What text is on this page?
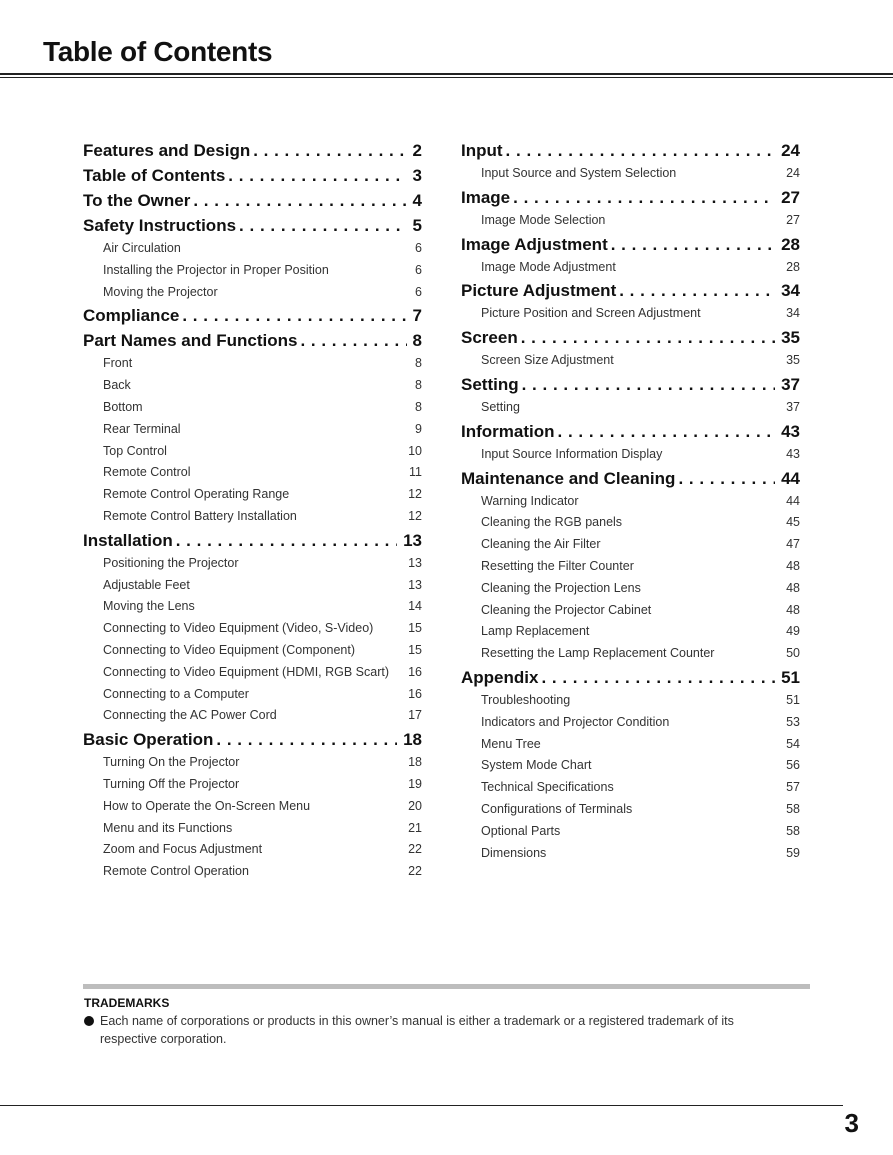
Table of Contents
Features and Design . . .	2
Table of Contents . . .	3
To the Owner . . .	4
Safety Instructions . . .	5
Air Circulation	6
Installing the Projector in Proper Position	6
Moving the Projector	6
Compliance . . .	7
Part Names and Functions . . .	8
Front	8
Back	8
Bottom	8
Rear Terminal	9
Top Control	10
Remote Control	11
Remote Control Operating Range	12
Remote Control Battery Installation	12
Installation . . .	13
Positioning the Projector	13
Adjustable Feet	13
Moving the Lens	14
Connecting to Video Equipment (Video, S-Video)	15
Connecting to Video Equipment (Component)	15
Connecting to Video Equipment (HDMI, RGB Scart)	16
Connecting to a Computer	16
Connecting the AC Power Cord	17
Basic Operation . . .	18
Turning On the Projector	18
Turning Off the Projector	19
How to Operate the On-Screen Menu	20
Menu and its Functions	21
Zoom and Focus Adjustment	22
Remote Control Operation	22
Input . . .	24
Input Source and System Selection	24
Image . . .	27
Image Mode Selection	27
Image Adjustment . . .	28
Image Mode Adjustment	28
Picture Adjustment . . .	34
Picture Position and Screen Adjustment	34
Screen . . .	35
Screen Size Adjustment	35
Setting . . .	37
Setting	37
Information . . .	43
Input Source Information Display	43
Maintenance and Cleaning . . .	44
Warning Indicator	44
Cleaning the RGB panels	45
Cleaning the Air Filter	47
Resetting the Filter Counter	48
Cleaning the Projection Lens	48
Cleaning the Projector Cabinet	48
Lamp Replacement	49
Resetting the Lamp Replacement Counter	50
Appendix . . .	51
Troubleshooting	51
Indicators and Projector Condition	53
Menu Tree	54
System Mode Chart	56
Technical Specifications	57
Configurations of Terminals	58
Optional Parts	58
Dimensions	59
TRADEMARKS
Each name of corporations or products in this owner’s manual is either a trademark or a registered trademark of its respective corporation.
3
